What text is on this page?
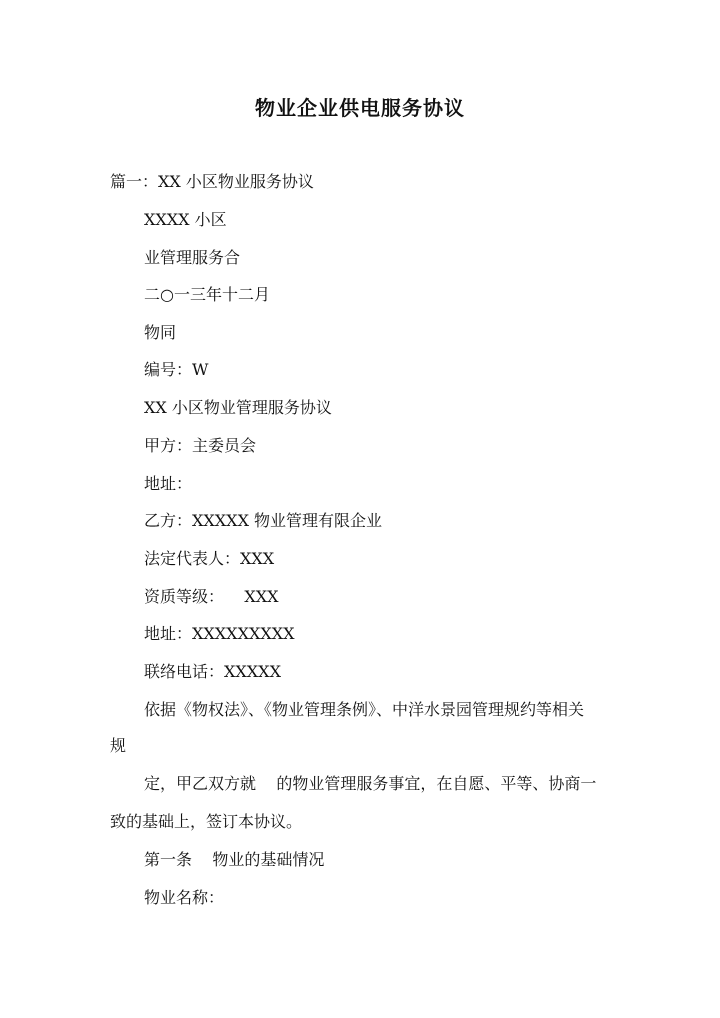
物业企业供电服务协议
篇一：XX 小区物业服务协议
XXXX 小区
业管理服务合
二○一三年十二月
物同
编号：W
XX 小区物业管理服务协议
甲方：主委员会
地址：
乙方：XXXXX 物业管理有限企业
法定代表人：XXX
资质等级：    XXX
地址：XXXXXXXXX
联络电话：XXXXX
依据《物权法》、《物业管理条例》、中洋水景园管理规约等相关
规
定，甲乙双方就    的物业管理服务事宜，在自愿、平等、协商一
致的基础上，签订本协议。
第一条    物业的基础情况
物业名称：
